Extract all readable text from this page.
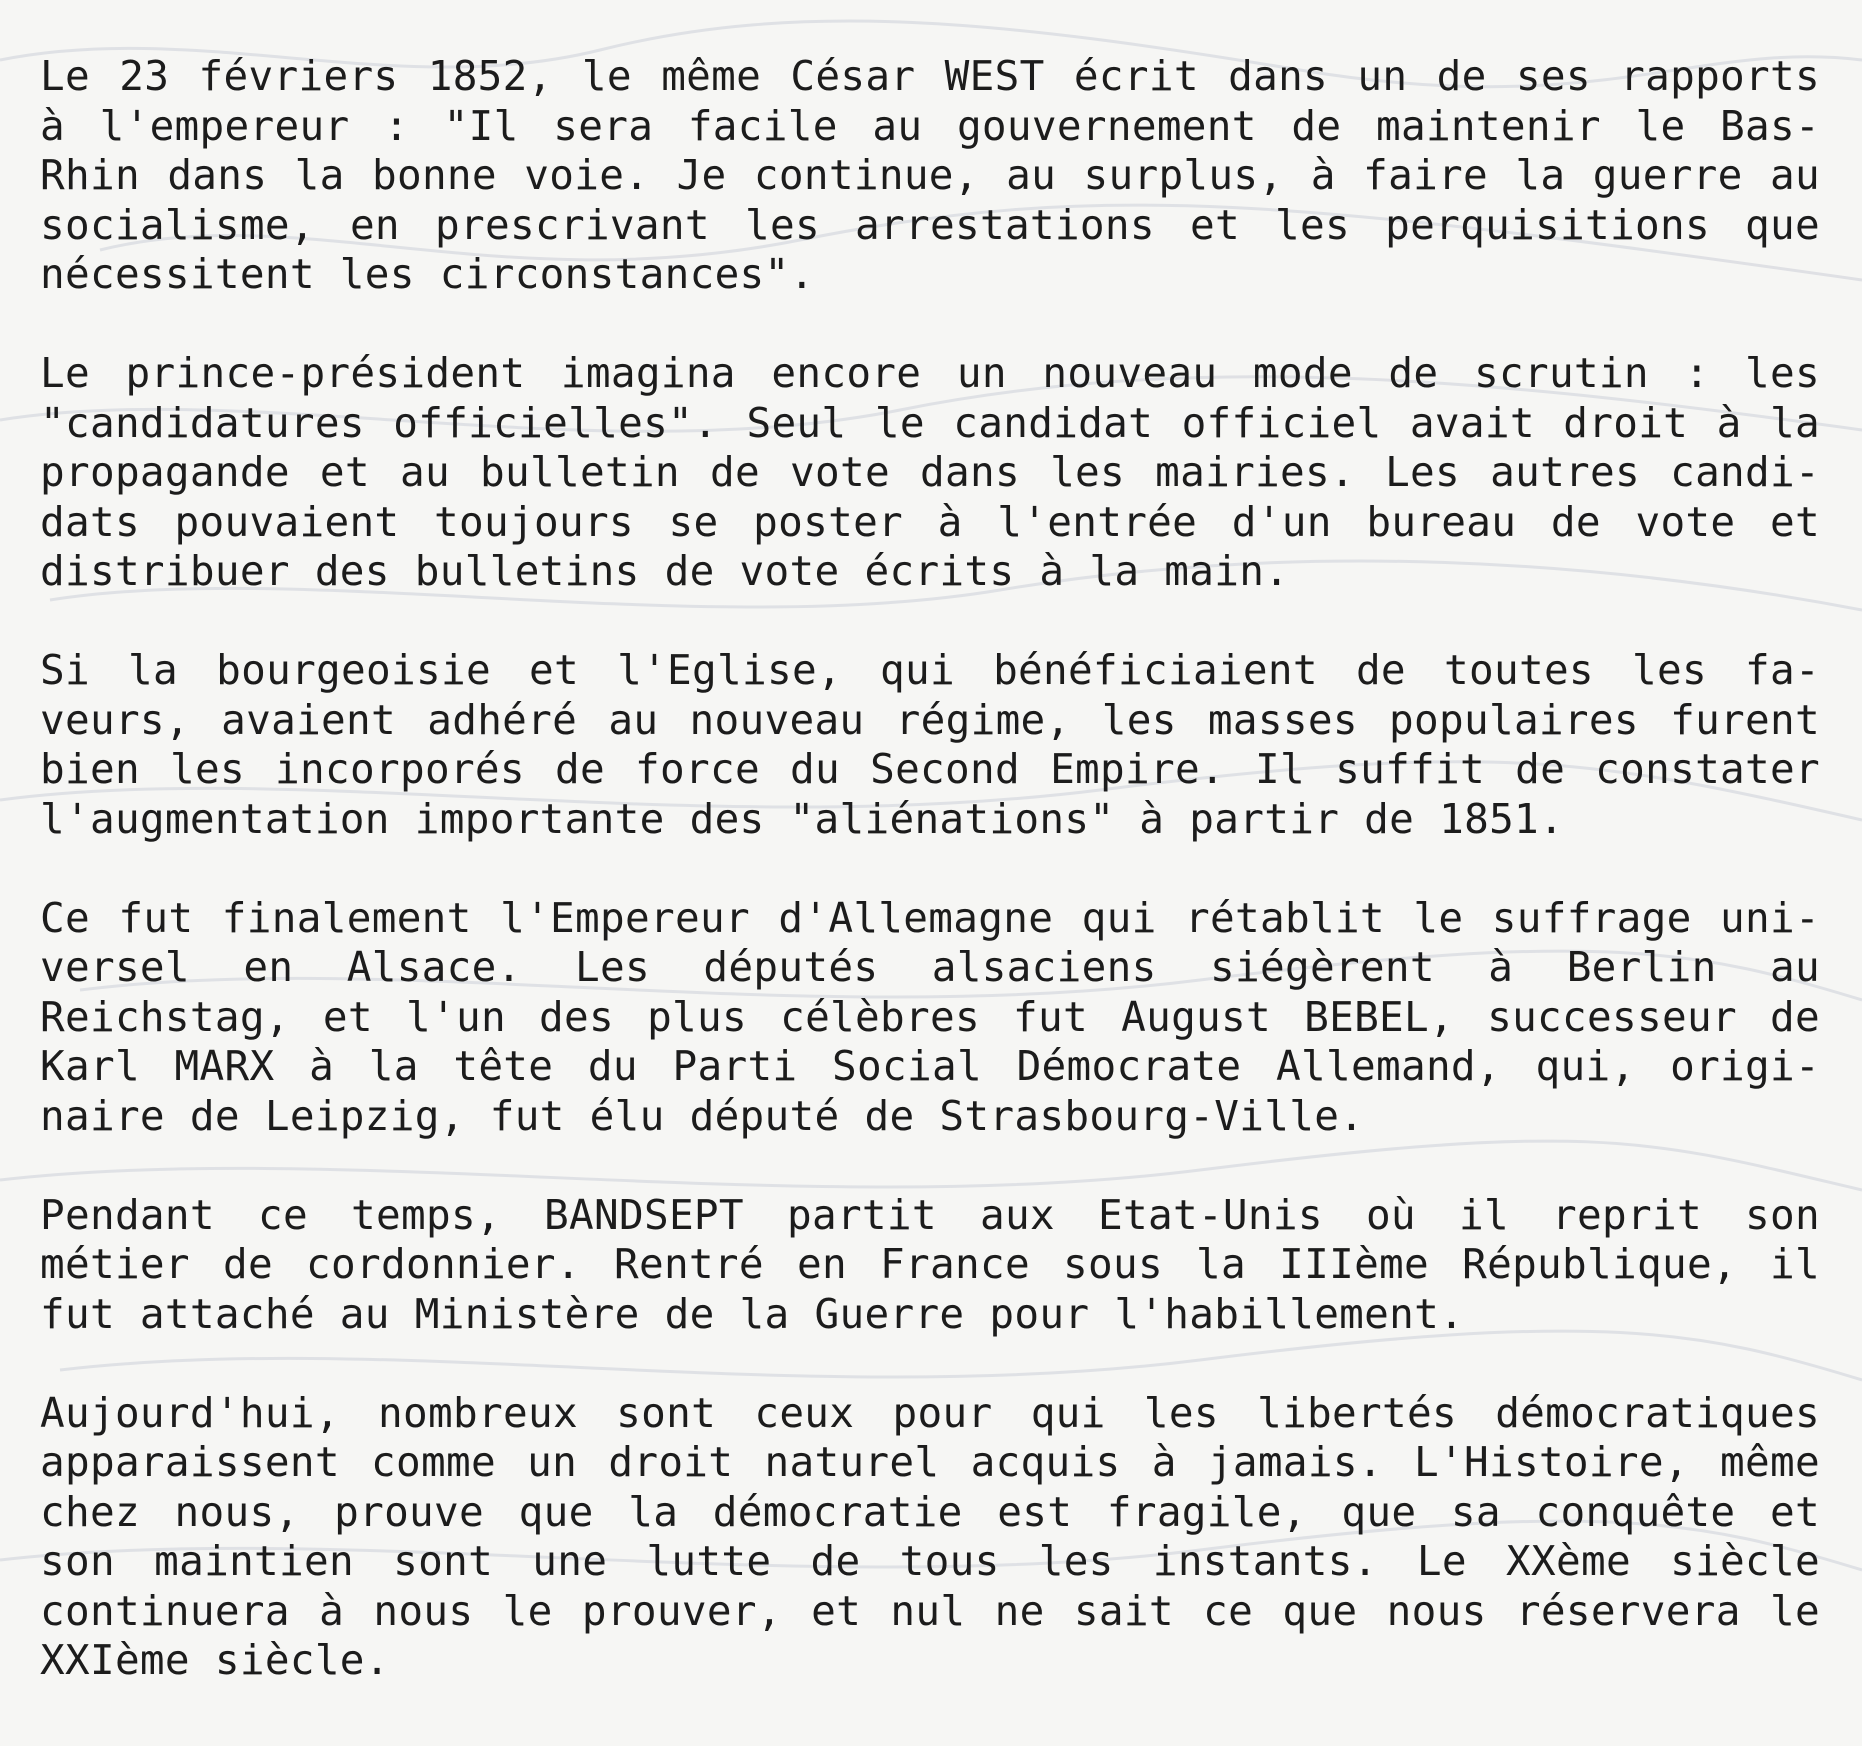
Le 23 févriers 1852, le même César WEST écrit dans un de ses rapports
à l'empereur : "Il sera facile au gouvernement de maintenir le Bas-
Rhin dans la bonne voie. Je continue, au surplus, à faire la guerre au
socialisme, en prescrivant les arrestations et les perquisitions que
nécessitent les circonstances".
Le prince-président imagina encore un nouveau mode de scrutin : les
"candidatures officielles". Seul le candidat officiel avait droit à la
propagande et au bulletin de vote dans les mairies. Les autres candi-
dats pouvaient toujours se poster à l'entrée d'un bureau de vote et
distribuer des bulletins de vote écrits à la main.
Si la bourgeoisie et l'Eglise, qui bénéficiaient de toutes les fa-
veurs, avaient adhéré au nouveau régime, les masses populaires furent
bien les incorporés de force du Second Empire. Il suffit de constater
l'augmentation importante des "aliénations" à partir de 1851.
Ce fut finalement l'Empereur d'Allemagne qui rétablit le suffrage uni-
versel en Alsace. Les députés alsaciens siégèrent à Berlin au
Reichstag, et l'un des plus célèbres fut August BEBEL, successeur de
Karl MARX à la tête du Parti Social Démocrate Allemand, qui, origi-
naire de Leipzig, fut élu député de Strasbourg-Ville.
Pendant ce temps, BANDSEPT partit aux Etat-Unis où il reprit son
métier de cordonnier. Rentré en France sous la IIIème République, il
fut attaché au Ministère de la Guerre pour l'habillement.
Aujourd'hui, nombreux sont ceux pour qui les libertés démocratiques
apparaissent comme un droit naturel acquis à jamais. L'Histoire, même
chez nous, prouve que la démocratie est fragile, que sa conquête et
son maintien sont une lutte de tous les instants. Le XXème siècle
continuera à nous le prouver, et nul ne sait ce que nous réservera le
XXIème siècle.
